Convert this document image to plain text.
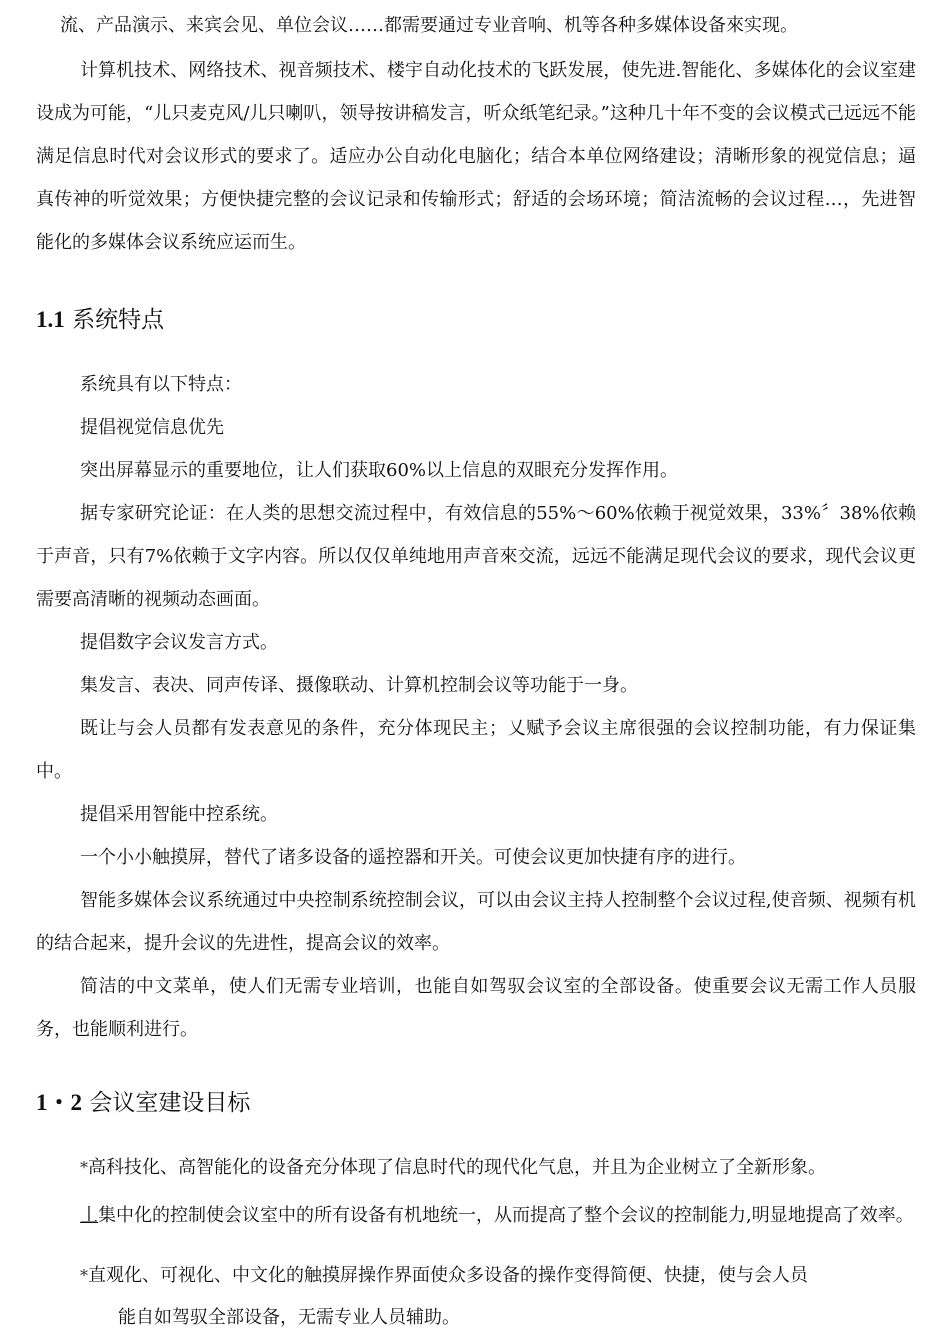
流、产品演示、来宾会见、单位会议……都需要通过专业音响、机等各种多媒体设备來实现。

计算机技术、网络技术、视音频技术、楼宇自动化技术的飞跃发展，使先进.智能化、多媒体化的会议室建设成为可能，“儿只麦克风/儿只喇叭，领导按讲稿发言，听众纸笔纪录。”这种几十年不变的会议模式己远远不能满足信息时代对会议形式的要求了。适应办公自动化电脑化；结合本单位网络建设；清晰形象的视觉信息；逼真传神的听觉效果；方便快捷完整的会议记录和传输形式；舒适的会场环境；简洁流畅的会议过程…，先进智能化的多媒体会议系统应运而生。

1.1 系统特点

系统具有以下特点：

提倡视觉信息优先

突出屏幕显示的重要地位，让人们获取60%以上信息的双眼充分发挥作用。

据专家研究论证：在人类的思想交流过程中，有效信息的55%〜60%依赖于视觉效果，33%〞38%依赖于声音，只有7%依赖于文字内容。所以仅仅单纯地用声音來交流，远远不能满足现代会议的要求，现代会议更需要高清晰的视频动态画面。

提倡数字会议发言方式。

集发言、表决、同声传译、摄像联动、计算机控制会议等功能于一身。

既让与会人员都有发表意见的条件，充分体现民主；乂赋予会议主席很强的会议控制功能，有力保证集中。

提倡采用智能中控系统。

一个小小触摸屏，替代了诸多设备的遥控器和开关。可使会议更加快捷有序的进行。

智能多媒体会议系统通过中央控制系统控制会议，可以由会议主持人控制整个会议过程,使音频、视频有机的结合起来，提升会议的先进性，提高会议的效率。

简洁的中文菜单，使人们无需专业培训，也能自如驾驭会议室的全部设备。使重要会议无需工作人员服务，也能顺利进行。

1・2 会议室建设目标

*高科技化、高智能化的设备充分体现了信息时代的现代化气息，并且为企业树立了全新形象。

丄集中化的控制使会议室中的所有设备有机地统一，从而提高了整个会议的控制能力,明显地提高了效率。

*直观化、可视化、中文化的触摸屏操作界面使众多设备的操作变得简便、快捷，使与会人员

能自如驾驭全部设备，无需专业人员辅助。
